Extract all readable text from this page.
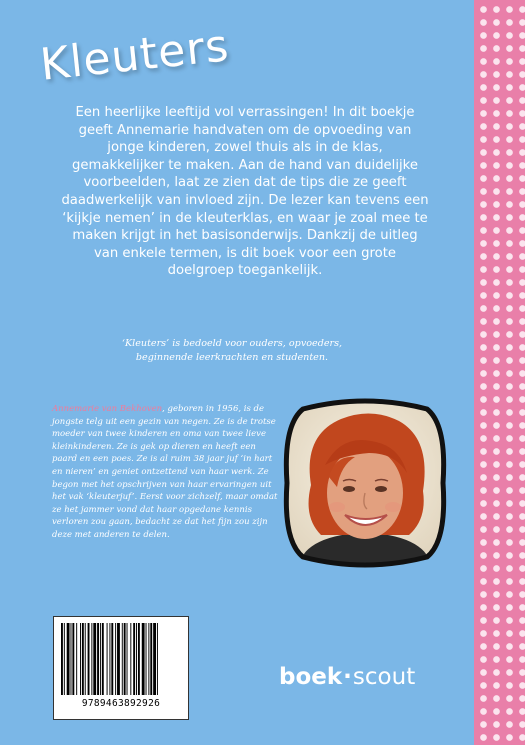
Kleuters
Een heerlijke leeftijd vol verrassingen! In dit boekje geeft Annemarie handvaten om de opvoeding van jonge kinderen, zowel thuis als in de klas, gemakkelijker te maken. Aan de hand van duidelijke voorbeelden, laat ze zien dat de tips die ze geeft daadwerkelijk van invloed zijn. De lezer kan tevens een ‘kijkje nemen’ in de kleuterklas, en waar je zoal mee te maken krijgt in het basisonderwijs. Dankzij de uitleg van enkele termen, is dit boek voor een grote doelgroep toegankelijk.
‘Kleuters’ is bedoeld voor ouders, opvoeders,
beginnende leerkrachten en studenten.
Annemarie van Bekhoven, geboren in 1956, is de jongste telg uit een gezin van negen. Ze is de trotse moeder van twee kinderen en oma van twee lieve kleinkinderen. Ze is gek op dieren en heeft een paard en een poes. Ze is al ruim 38 jaar juf ‘in hart en nieren’ en geniet ontzettend van haar werk. Ze begon met het opschrijven van haar ervaringen uit het vak ‘kleuterjuf’. Eerst voor zichzelf, maar omdat ze het jammer vond dat haar opgedane kennis verloren zou gaan, bedacht ze dat het fijn zou zijn deze met anderen te delen.
9789463892926
boek·scout
